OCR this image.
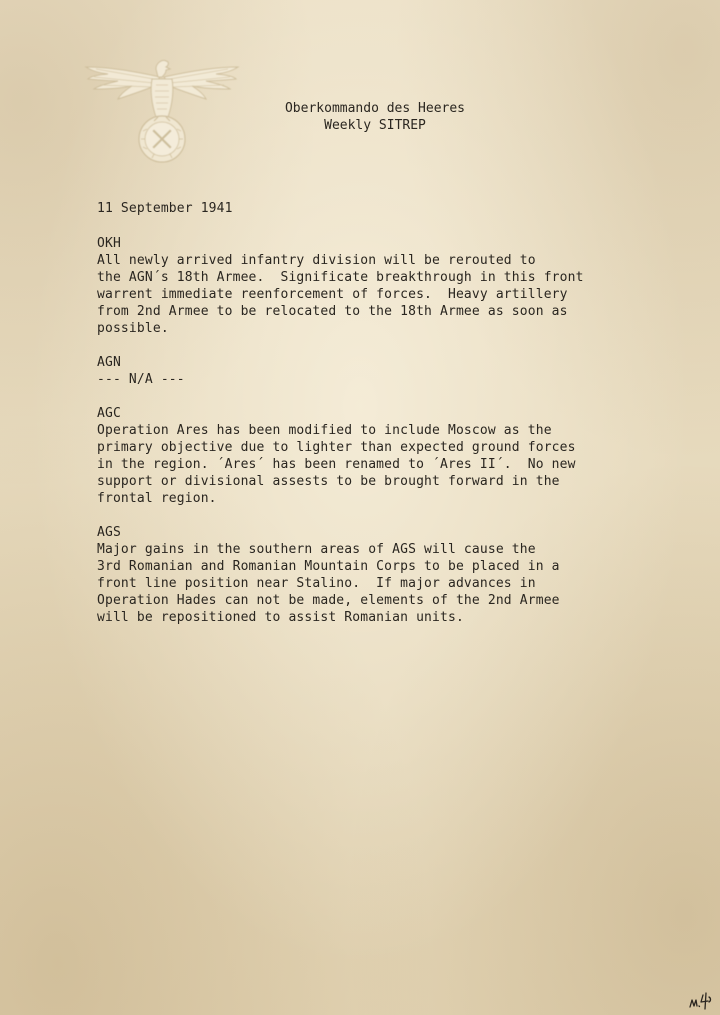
Oberkommando des Heeres
Weekly SITREP
11 September 1941
OKH
All newly arrived infantry division will be rerouted to
the AGN´s 18th Armee.  Significate breakthrough in this front
warrent immediate reenforcement of forces.  Heavy artillery
from 2nd Armee to be relocated to the 18th Armee as soon as
possible.
AGN
--- N/A ---
AGC
Operation Ares has been modified to include Moscow as the
primary objective due to lighter than expected ground forces
in the region. ´Ares´ has been renamed to ´Ares II´.  No new
support or divisional assests to be brought forward in the
frontal region.
AGS
Major gains in the southern areas of AGS will cause the
3rd Romanian and Romanian Mountain Corps to be placed in a
front line position near Stalino.  If major advances in
Operation Hades can not be made, elements of the 2nd Armee
will be repositioned to assist Romanian units.
